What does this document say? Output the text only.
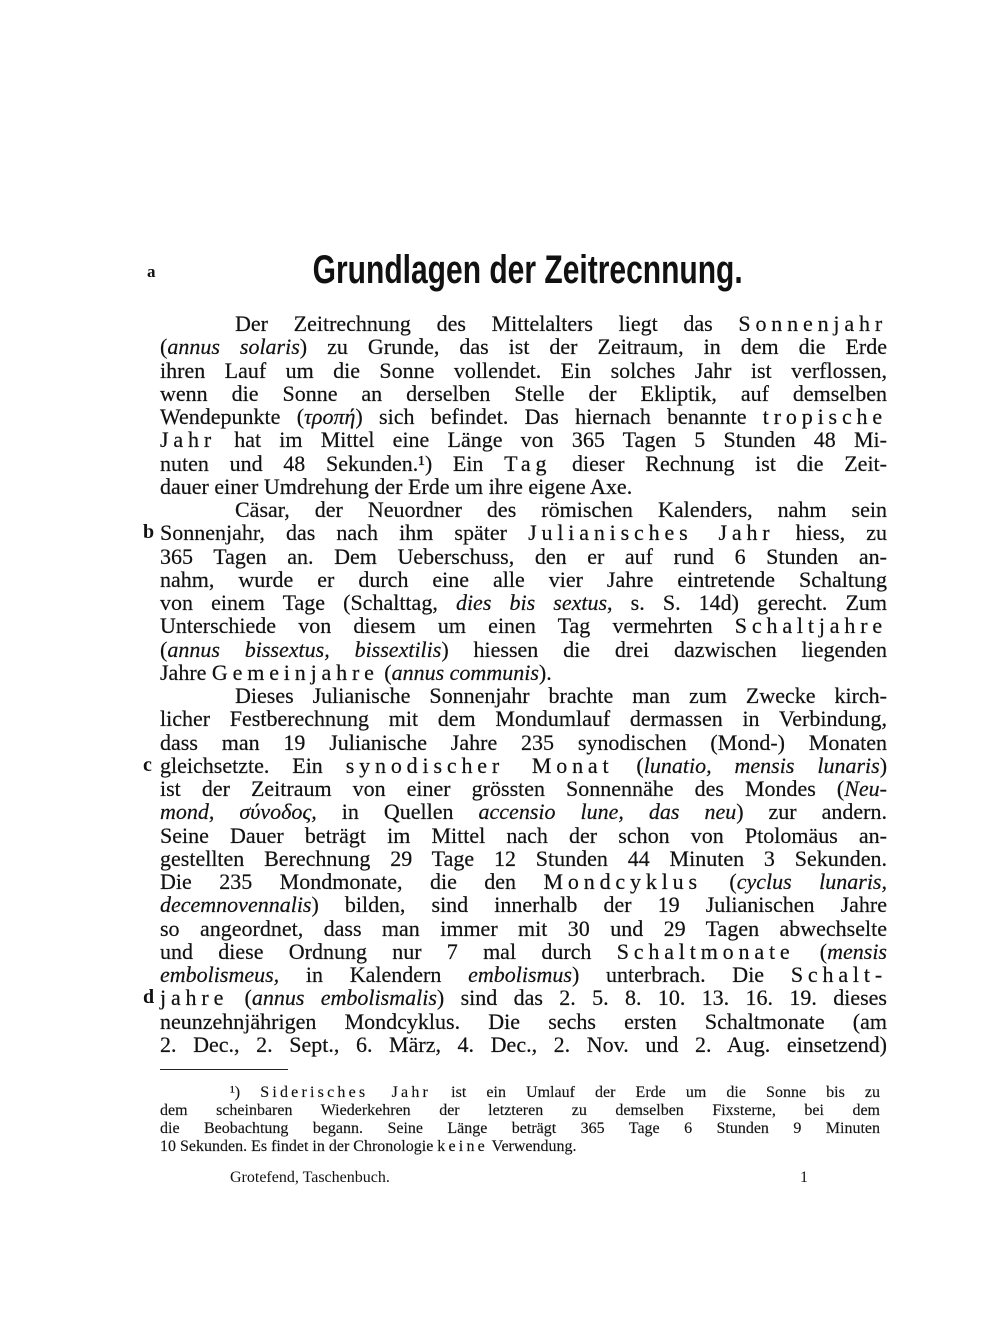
Grundlagen der Zeitrecnnung.
a
b
c
d
Der Zeitrechnung des Mittelalters liegt das Sonnenjahr
(annus solaris) zu Grunde, das ist der Zeitraum, in dem die Erde
ihren Lauf um die Sonne vollendet. Ein solches Jahr ist verflossen,
wenn die Sonne an derselben Stelle der Ekliptik, auf demselben
Wendepunkte (τροπή) sich befindet. Das hiernach benannte tropische
Jahr hat im Mittel eine Länge von 365 Tagen 5 Stunden 48 Mi-
nuten und 48 Sekunden.¹) Ein Tag dieser Rechnung ist die Zeit-
dauer einer Umdrehung der Erde um ihre eigene Axe.
Cäsar, der Neuordner des römischen Kalenders, nahm sein
Sonnenjahr, das nach ihm später Julianisches Jahr hiess, zu
365 Tagen an. Dem Ueberschuss, den er auf rund 6 Stunden an-
nahm, wurde er durch eine alle vier Jahre eintretende Schaltung
von einem Tage (Schalttag, dies bis sextus, s. S. 14d) gerecht. Zum
Unterschiede von diesem um einen Tag vermehrten Schaltjahre
(annus bissextus, bissextilis) hiessen die drei dazwischen liegenden
Jahre Gemeinjahre (annus communis).
Dieses Julianische Sonnenjahr brachte man zum Zwecke kirch-
licher Festberechnung mit dem Mondumlauf dermassen in Verbindung,
dass man 19 Julianische Jahre 235 synodischen (Mond-) Monaten
gleichsetzte. Ein synodischer Monat (lunatio, mensis lunaris)
ist der Zeitraum von einer grössten Sonnennähe des Mondes (Neu-
mond, σύνοδος, in Quellen accensio lune, das neu) zur andern.
Seine Dauer beträgt im Mittel nach der schon von Ptolomäus an-
gestellten Berechnung 29 Tage 12 Stunden 44 Minuten 3 Sekunden.
Die 235 Mondmonate, die den Mondcyklus (cyclus lunaris,
decemnovennalis) bilden, sind innerhalb der 19 Julianischen Jahre
so angeordnet, dass man immer mit 30 und 29 Tagen abwechselte
und diese Ordnung nur 7 mal durch Schaltmonate (mensis
embolismeus, in Kalendern embolismus) unterbrach. Die Schalt-
jahre (annus embolismalis) sind das 2. 5. 8. 10. 13. 16. 19. dieses
neunzehnjährigen Mondcyklus. Die sechs ersten Schaltmonate (am
2. Dec., 2. Sept., 6. März, 4. Dec., 2. Nov. und 2. Aug. einsetzend)
¹) Siderisches Jahr ist ein Umlauf der Erde um die Sonne bis zu
dem scheinbaren Wiederkehren der letzteren zu demselben Fixsterne, bei dem
die Beobachtung begann. Seine Länge beträgt 365 Tage 6 Stunden 9 Minuten
10 Sekunden. Es findet in der Chronologie keine Verwendung.
Grotefend, Taschenbuch.	1
